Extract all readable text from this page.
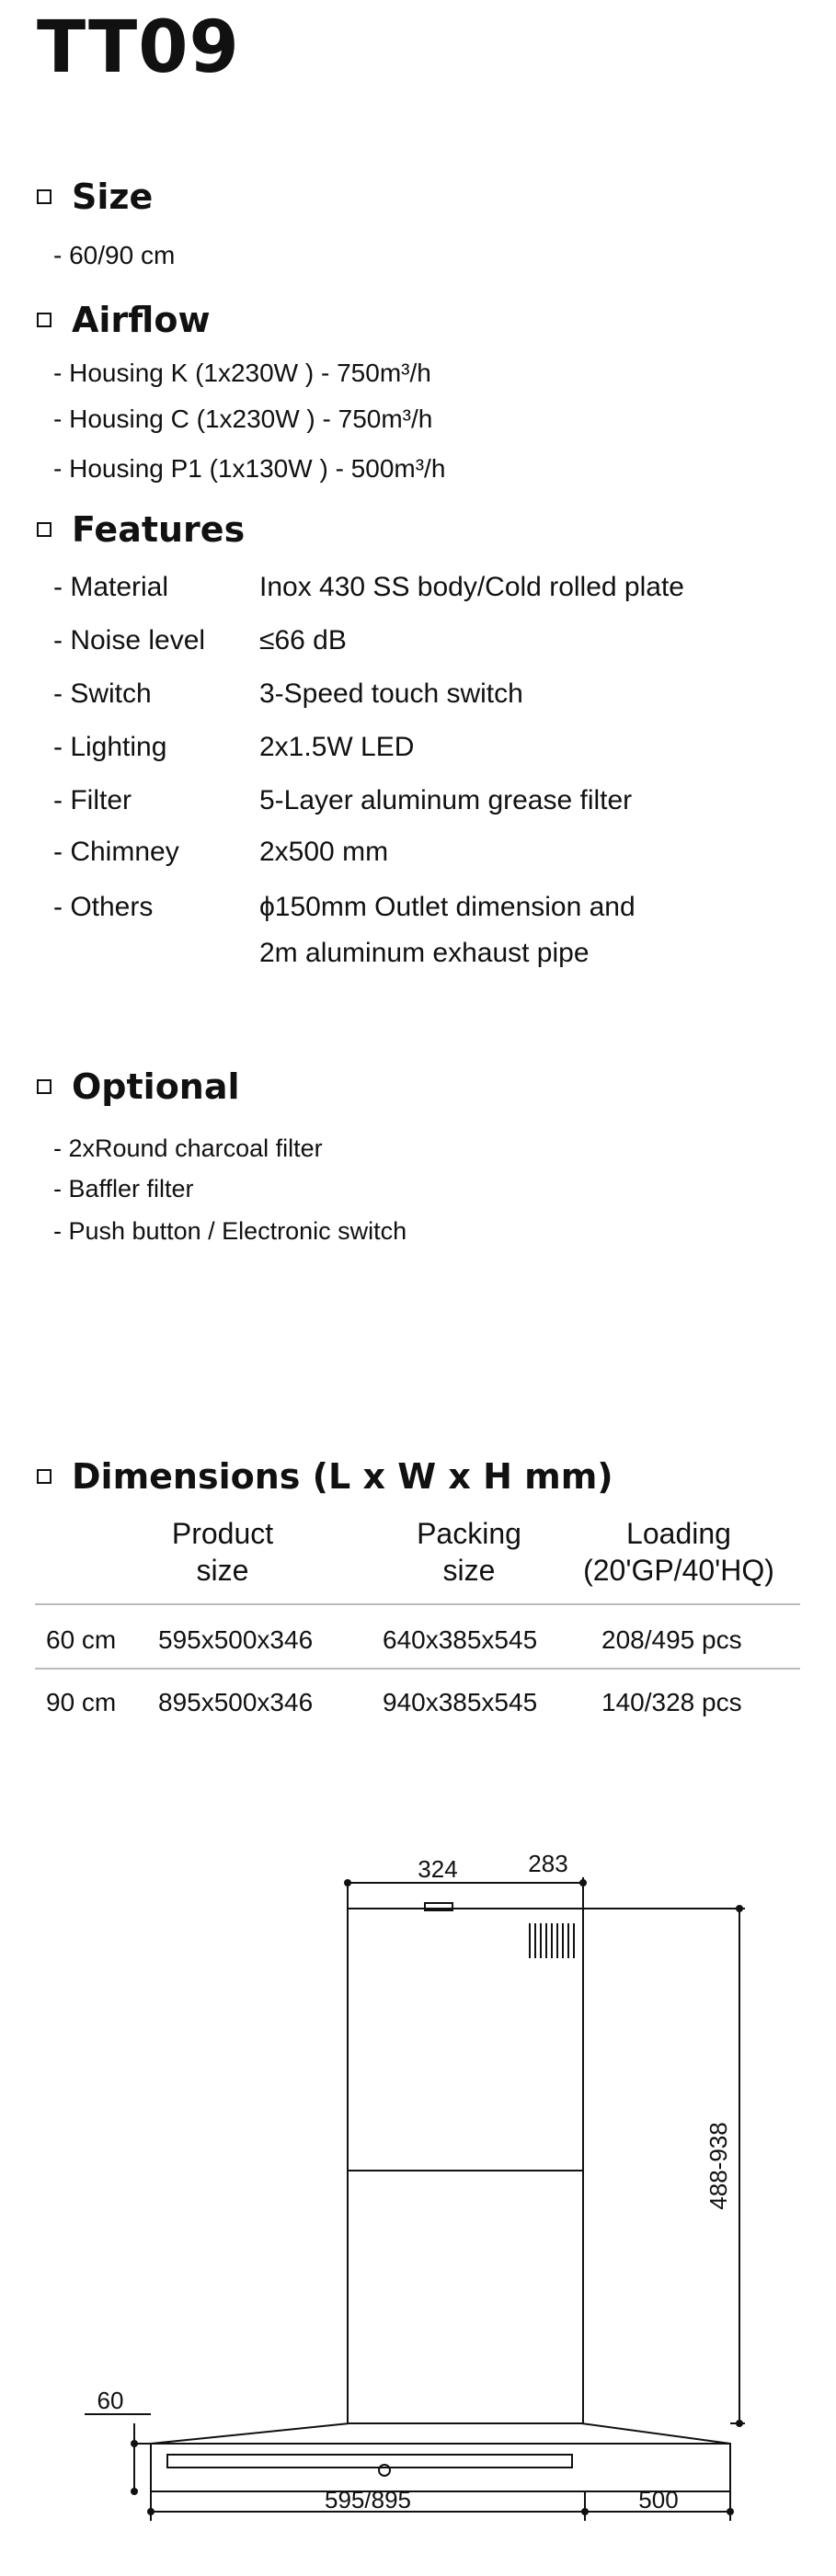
TT09
Size
- 60/90 cm
Airflow
- Housing K (1x230W ) - 750m³/h
- Housing C (1x230W ) - 750m³/h
- Housing P1 (1x130W ) - 500m³/h
Features
- Material	Inox 430 SS body/Cold rolled plate
- Noise level ≤66 dB
- Switch	3-Speed touch switch
- Lighting	2x1.5W LED
- Filter	5-Layer aluminum grease filter
- Chimney	2x500 mm
- Others	ϕ150mm Outlet dimension and
2m aluminum exhaust pipe
Optional
- 2xRound charcoal filter
- Baffler filter
- Push button / Electronic switch
Dimensions (L x W x H mm)
Product
size
Packing
size
Loading
(20'GP/40'HQ)
60 cm 595x500x346	640x385x545 208/495 pcs
90 cm 895x500x346	940x385x545 140/328 pcs
324	283
488-938
60
595/895	500
